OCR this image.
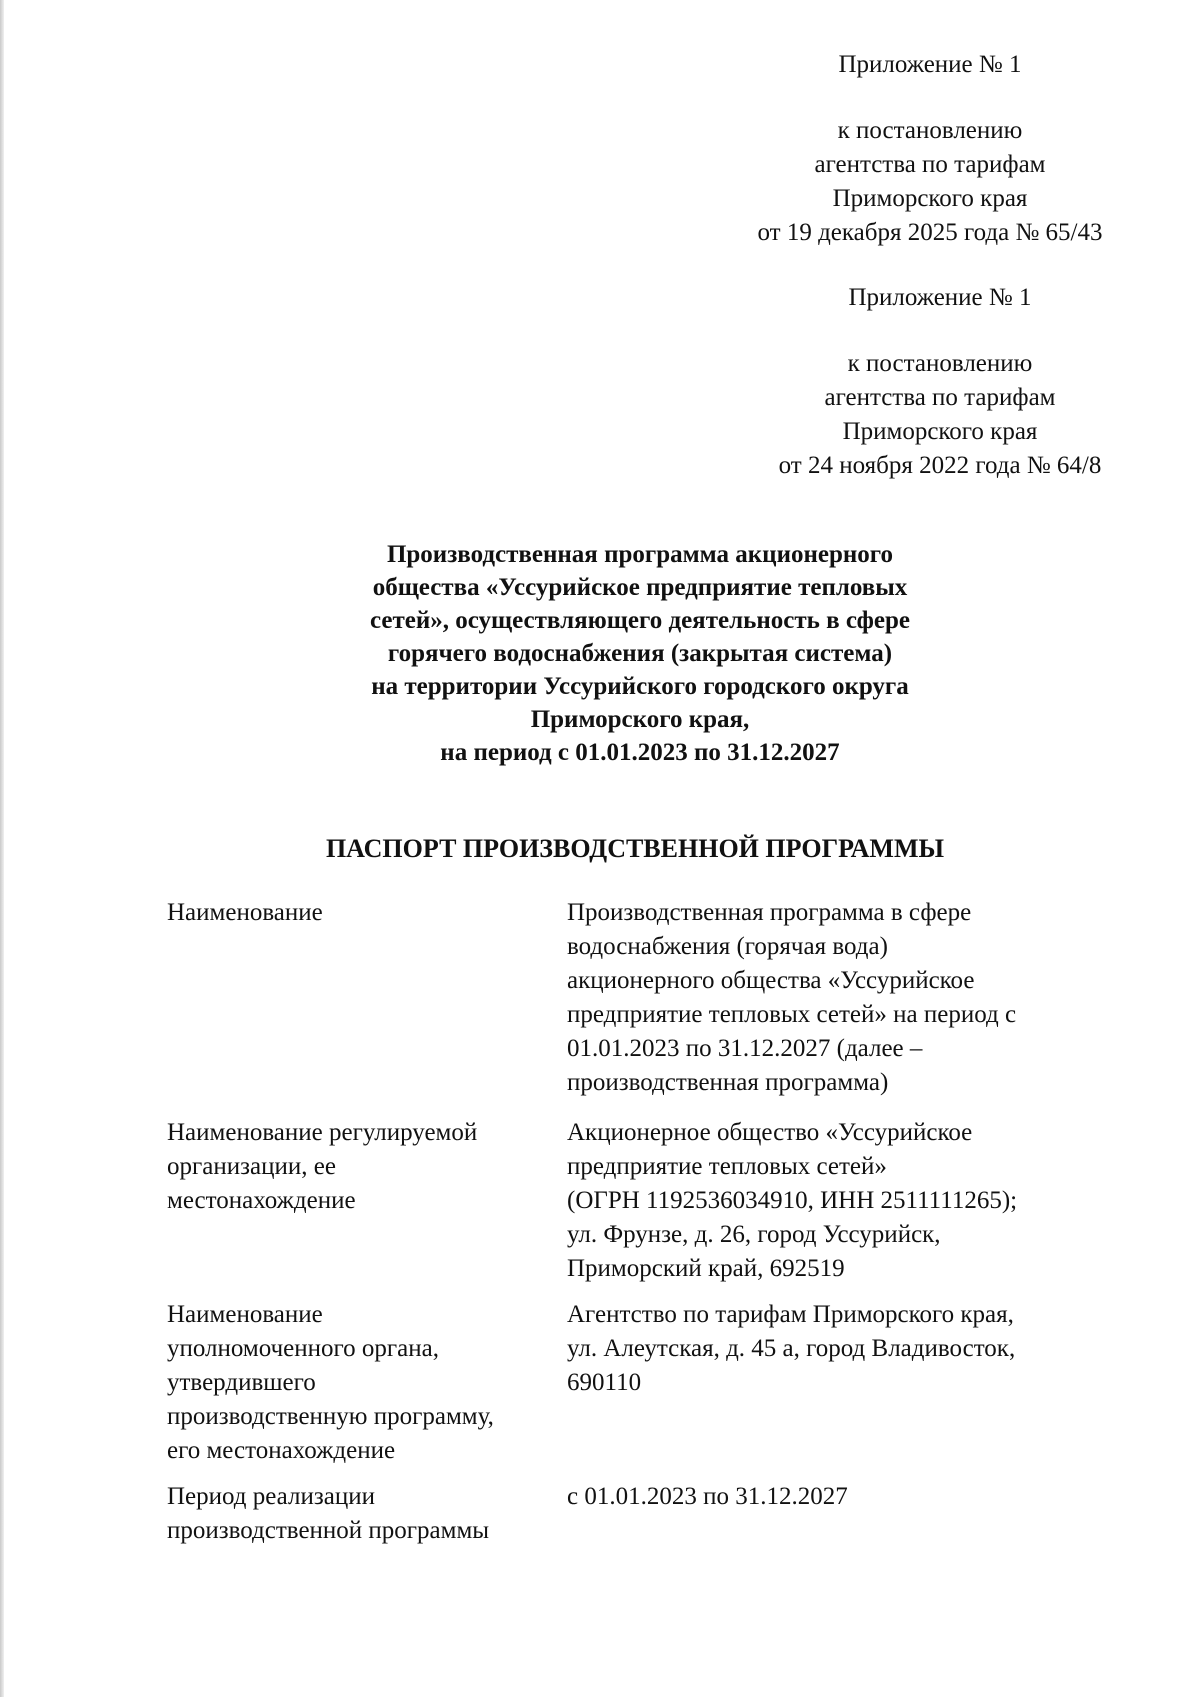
Приложение № 1
к постановлению
агентства по тарифам
Приморского края
от 19 декабря 2025 года № 65/43
Приложение № 1
к постановлению
агентства по тарифам
Приморского края
от 24 ноября 2022 года № 64/8
Производственная программа акционерного
общества «Уссурийское предприятие тепловых
сетей», осуществляющего деятельность в сфере
горячего водоснабжения (закрытая система)
на территории Уссурийского городского округа
Приморского края,
на период с 01.01.2023 по 31.12.2027
ПАСПОРТ ПРОИЗВОДСТВЕННОЙ ПРОГРАММЫ
Наименование	Производственная программа в сфере
водоснабжения (горячая вода)
акционерного общества «Уссурийское
предприятие тепловых сетей» на период с
01.01.2023 по 31.12.2027 (далее –
производственная программа)
Наименование регулируемой
организации, ее
местонахождение
Акционерное общество «Уссурийское
предприятие тепловых сетей»
(ОГРН 1192536034910, ИНН 2511111265);
ул. Фрунзе, д. 26, город Уссурийск,
Приморский край, 692519
Наименование
уполномоченного органа,
утвердившего
производственную программу,
его местонахождение
Агентство по тарифам Приморского края,
ул. Алеутская, д. 45 а, город Владивосток,
690110
Период реализации
производственной программы
с 01.01.2023 по 31.12.2027
